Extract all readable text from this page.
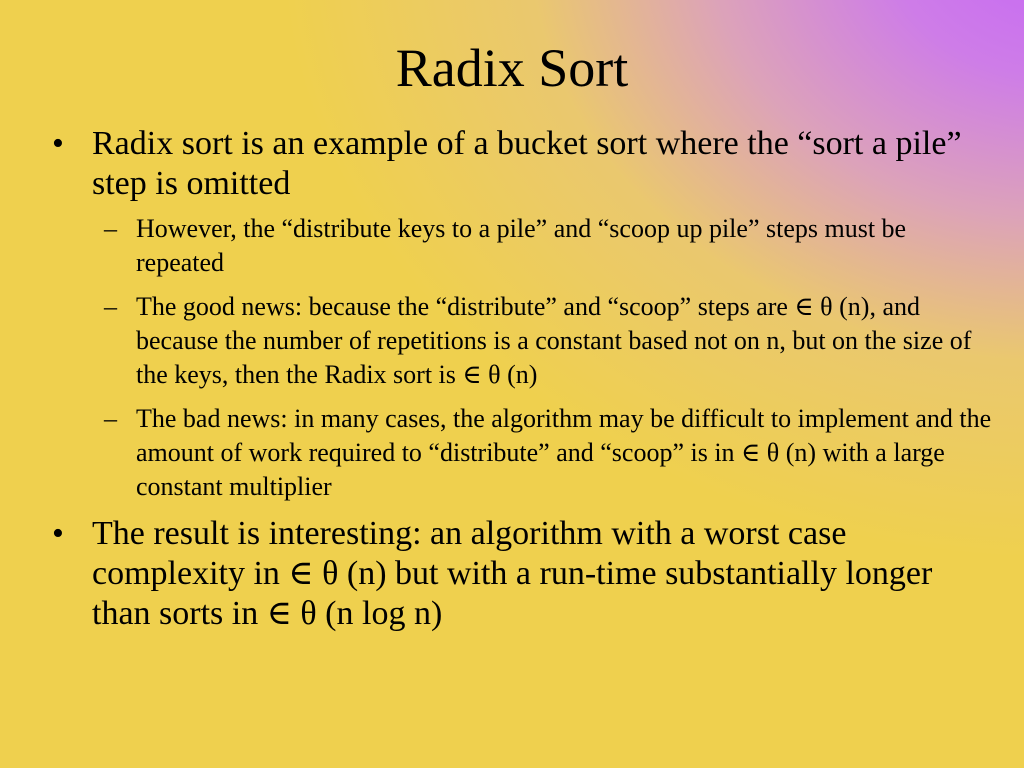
Radix Sort
• Radix sort is an example of a bucket sort where the “sort a pile” step is omitted
– However, the “distribute keys to a pile” and “scoop up pile” steps must be repeated
– The good news: because the “distribute” and “scoop” steps are ∈ θ (n), and because the number of repetitions is a constant based not on n, but on the size of the keys, then the Radix sort is ∈ θ (n)
– The bad news: in many cases, the algorithm may be difficult to implement and the amount of work required to “distribute” and “scoop” is in ∈ θ (n) with a large constant multiplier
• The result is interesting: an algorithm with a worst case complexity in ∈ θ (n) but with a run-time substantially longer than sorts in ∈ θ (n log n)
